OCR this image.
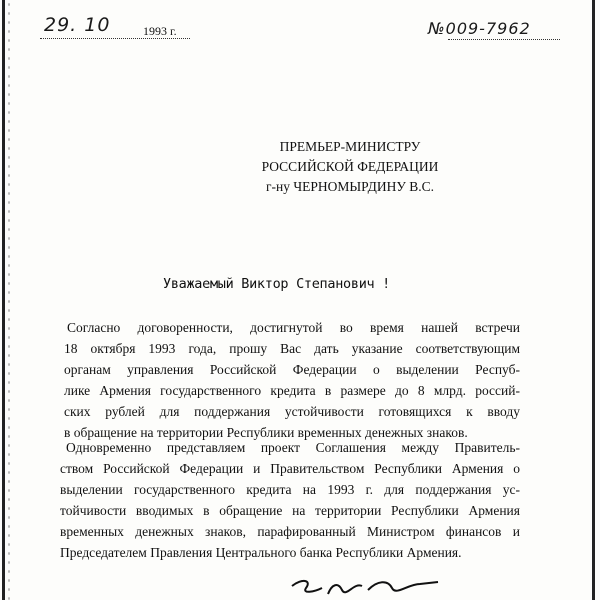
29. 10	1993 г.	№009-7962
ПРЕМЬЕР-МИНИСТРУ
РОССИЙСКОЙ ФЕДЕРАЦИИ
г-ну ЧЕРНОМЫРДИНУ В.С.
Уважаемый Виктор Степанович !
Согласно договоренности, достигнутой во время нашей встречи
18 октября 1993 года, прошу Вас дать указание соответствующим
органам управления Российской Федерации о выделении Респуб-
лике Армения государственного кредита в размере до 8 млрд. россий-
ских рублей для поддержания устойчивости готовящихся к вводу
в обращение на территории Республики временных денежных знаков.
Одновременно представляем проект Соглашения между Правитель-
ством Российской Федерации и Правительством Республики Армения о
выделении государственного кредита на 1993 г. для поддержания ус-
тойчивости вводимых в обращение на территории Республики Армения
временных денежных знаков, парафированный Министром финансов и
Председателем Правления Центрального банка Республики Армения.
